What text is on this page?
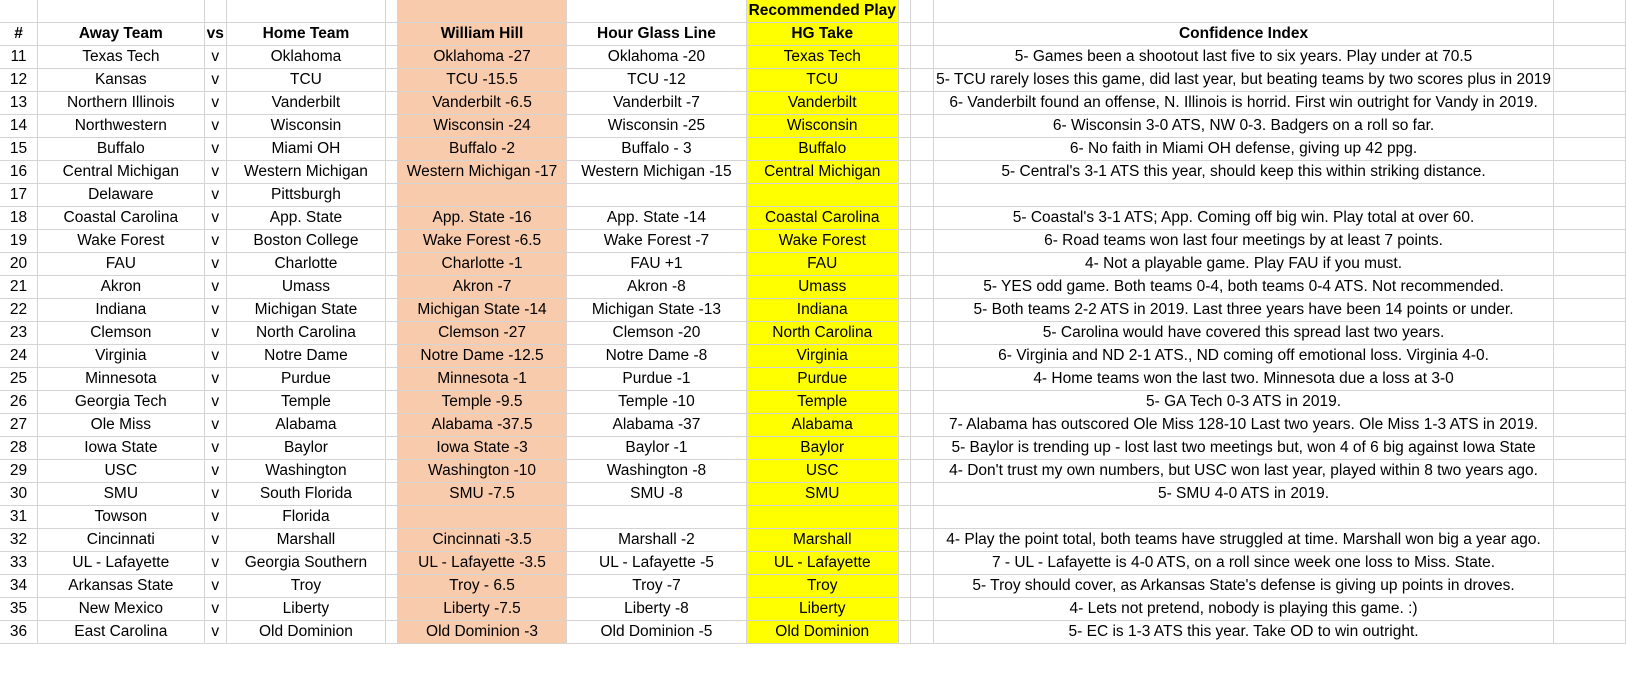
							Recommended Play				
#	Away Team	vs	Home Team		William Hill	Hour Glass Line	HG Take			Confidence Index	
11	Texas Tech	v	Oklahoma		Oklahoma -27	Oklahoma -20	Texas Tech			5- Games been a shootout last five to six years. Play under at 70.5	
12	Kansas	v	TCU		TCU -15.5	TCU -12	TCU			5- TCU rarely loses this game, did last year, but beating teams by two scores plus in 2019	
13	Northern Illinois	v	Vanderbilt		Vanderbilt -6.5	Vanderbilt -7	Vanderbilt			6- Vanderbilt found an offense, N. Illinois is horrid. First win outright for Vandy in 2019.	
14	Northwestern	v	Wisconsin		Wisconsin -24	Wisconsin -25	Wisconsin			6- Wisconsin 3-0 ATS, NW 0-3. Badgers on a roll so far.	
15	Buffalo	v	Miami OH		Buffalo -2	Buffalo - 3	Buffalo			6- No faith in Miami OH defense, giving up 42 ppg.	
16	Central Michigan	v	Western Michigan		Western Michigan -17	Western Michigan -15	Central Michigan			5- Central's 3-1 ATS this year, should keep this within striking distance.	
17	Delaware	v	Pittsburgh								
18	Coastal Carolina	v	App. State		App. State -16	App. State -14	Coastal Carolina			5- Coastal's 3-1 ATS; App. Coming off big win. Play total at over 60.	
19	Wake Forest	v	Boston College		Wake Forest -6.5	Wake Forest -7	Wake Forest			6- Road teams won last four meetings by at least 7 points.	
20	FAU	v	Charlotte		Charlotte -1	FAU +1	FAU			4- Not a playable game. Play FAU if you must.	
21	Akron	v	Umass		Akron -7	Akron -8	Umass			5- YES odd game. Both teams 0-4, both teams 0-4 ATS. Not recommended.	
22	Indiana	v	Michigan State		Michigan State -14	Michigan State -13	Indiana			5- Both teams 2-2 ATS in 2019. Last three years have been 14 points or under.	
23	Clemson	v	North Carolina		Clemson -27	Clemson -20	North Carolina			5- Carolina would have covered this spread last two years.	
24	Virginia	v	Notre Dame		Notre Dame -12.5	Notre Dame -8	Virginia			6- Virginia and ND 2-1 ATS., ND coming off emotional loss. Virginia 4-0.	
25	Minnesota	v	Purdue		Minnesota -1	Purdue -1	Purdue			4- Home teams won the last two. Minnesota due a loss at 3-0	
26	Georgia Tech	v	Temple		Temple -9.5	Temple -10	Temple			5- GA Tech 0-3 ATS in 2019.	
27	Ole Miss	v	Alabama		Alabama -37.5	Alabama -37	Alabama			7- Alabama has outscored Ole Miss 128-10 Last two years. Ole Miss 1-3 ATS in 2019.	
28	Iowa State	v	Baylor		Iowa State -3	Baylor -1	Baylor			5- Baylor is trending up - lost last two meetings but, won 4 of 6 big against Iowa State	
29	USC	v	Washington		Washington -10	Washington -8	USC			4- Don't trust my own numbers, but USC won last year, played within 8 two years ago.	
30	SMU	v	South Florida		SMU -7.5	SMU -8	SMU			5- SMU 4-0 ATS in 2019.	
31	Towson	v	Florida								
32	Cincinnati	v	Marshall		Cincinnati -3.5	Marshall -2	Marshall			4- Play the point total, both teams have struggled at time. Marshall won big a year ago.	
33	UL - Lafayette	v	Georgia Southern		UL - Lafayette -3.5	UL - Lafayette -5	UL - Lafayette			7 - UL - Lafayette is 4-0 ATS, on a roll since week one loss to Miss. State.	
34	Arkansas State	v	Troy		Troy - 6.5	Troy -7	Troy			5- Troy should cover, as Arkansas State's defense is giving up points in droves.	
35	New Mexico	v	Liberty		Liberty -7.5	Liberty -8	Liberty			4- Lets not pretend, nobody is playing this game. :)	
36	East Carolina	v	Old Dominion		Old Dominion -3	Old Dominion -5	Old Dominion			5- EC is 1-3 ATS this year. Take OD to win outright.	
